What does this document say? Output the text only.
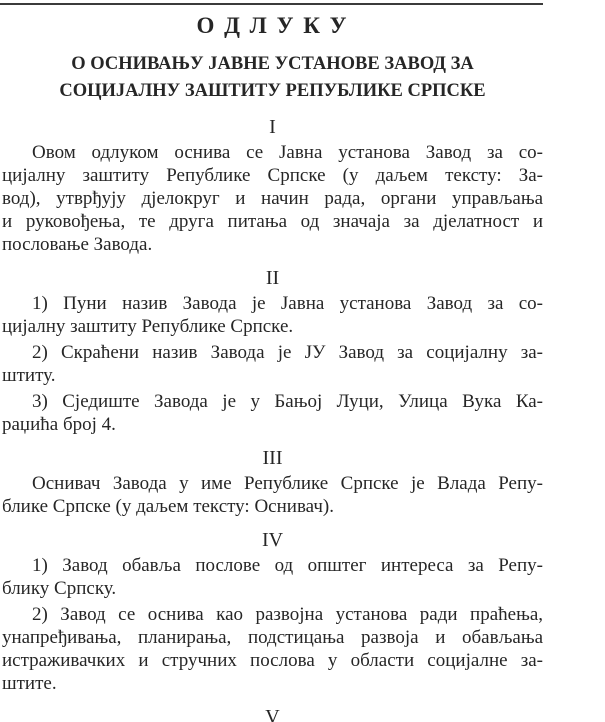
О Д Л У К У
О ОСНИВАЊУ ЈАВНЕ УСТАНОВЕ ЗАВОД ЗА
СОЦИЈАЛНУ ЗАШТИТУ РЕПУБЛИКЕ СРПСКЕ
I
Овом одлуком оснива се Јавна установа Завод за со-
цијалну заштиту Републике Српске (у даљем тексту: За-
вод), утврђују дјелокруг и начин рада, органи управљања
и руковођења, те друга питања од значаја за дјелатност и
пословање Завода.
II
1) Пуни назив Завода је Јавна установа Завод за со-
цијалну заштиту Републике Српске.
2) Скраћени назив Завода је ЈУ Завод за социјалну за-
штиту.
3) Сједиште Завода је у Бањој Луци, Улица Вука Ка-
раџића број 4.
III
Оснивач Завода у име Републике Српске је Влада Репу-
блике Српске (у даљем тексту: Оснивач).
IV
1) Завод обавља послове од општег интереса за Репу-
блику Српску.
2) Завод се оснива као развојна установа ради праћења,
унапређивања, планирања, подстицања развоја и обављања
истраживачких и стручних послова у области социјалне за-
штите.
V
